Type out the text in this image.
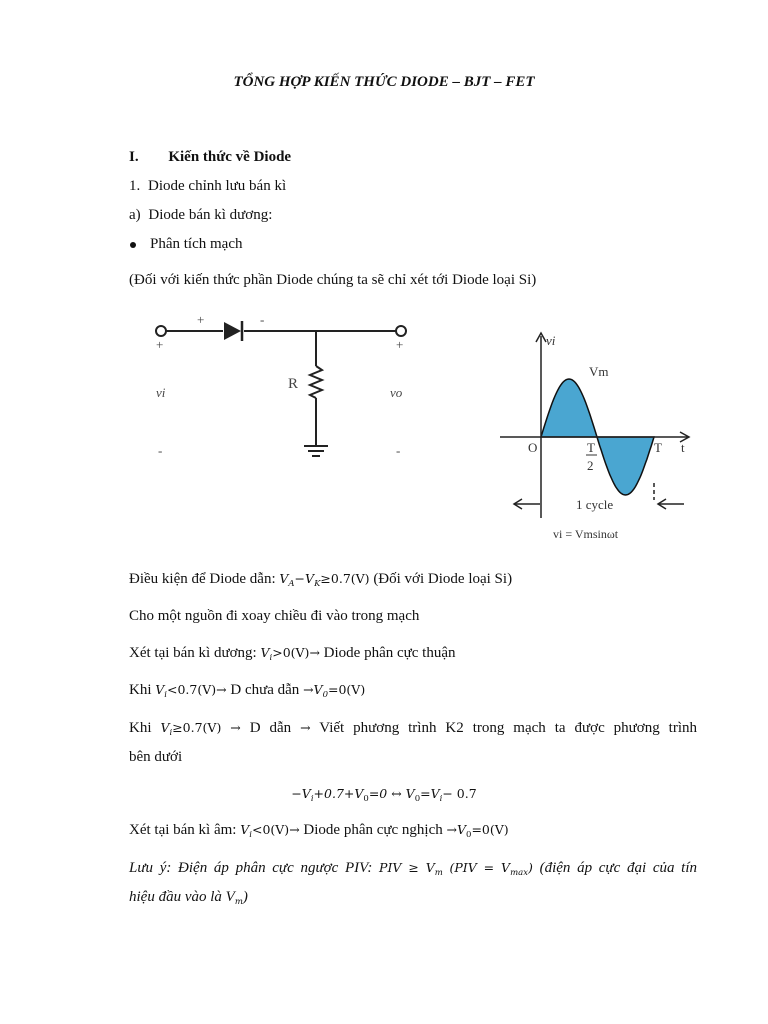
TỔNG HỢP KIẾN THỨC DIODE – BJT – FET
I. Kiến thức về Diode
1. Diode chỉnh lưu bán kì
a) Diode bán kì dương:
Phân tích mạch
(Đối với kiến thức phần Diode chúng ta sẽ chỉ xét tới Diode loại Si)
+
+	-
+
vi
R
vo
-	-
vi
Vm
O	T
2
T t
1 cycle
vi = Vmsinωt
Điều kiện để Diode dẫn: $V_A-V_K\ge 0.7(V)$ (Đối với Diode loại Si)
Cho một nguồn đi xoay chiều đi vào trong mạch
Xét tại bán kì dương: $V_i>0(V)\to$ Diode phân cực thuận
Khi $V_i<0.7(V)\to D$ chưa dẫn $\to V_0=0(V)$
Khi $V_i\ge 0.7(V) \to D$ dẫn → Viết phương trình K2 trong mạch ta được phương trình
bên dưới
$-V_i+0.7+V_0=0$ ↔ $V_0=V_i- 0.7$
Xét tại bán kì âm: $V_i<0(V)\to$ Diode phân cực nghịch $\to V_0=0(V)$
Lưu ý: Điện áp phân cực ngược PIV: PIV ≥ $V_m$ $(PIV = V_{max})$ (điện áp cực đại của tín
hiệu đầu vào là $V_m$)
